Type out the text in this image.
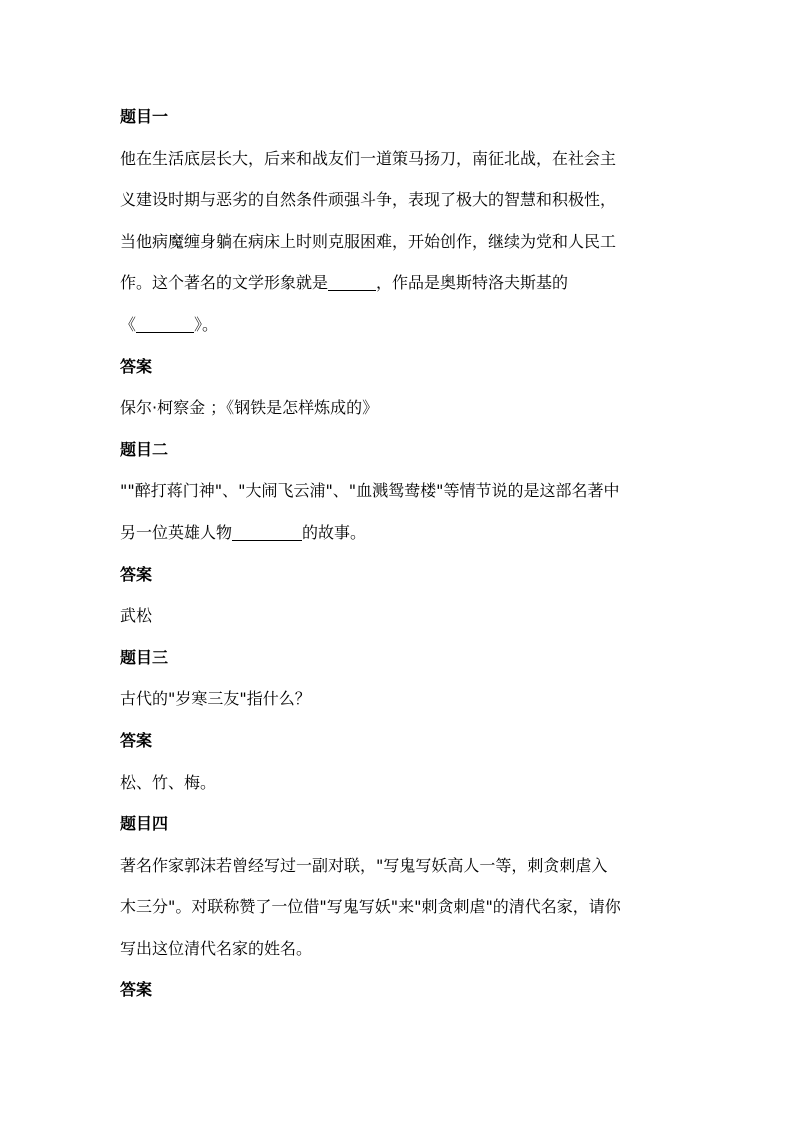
题目一
他在生活底层长大，后来和战友们一道策马扬刀，南征北战，在社会主
义建设时期与恶劣的自然条件顽强斗争，表现了极大的智慧和积极性，
当他病魔缠身躺在病床上时则克服困难，开始创作，继续为党和人民工
作。这个著名的文学形象就是	，作品是奥斯特洛夫斯基的
《	》。
答案
保尔·柯察金 ；《钢铁是怎样炼成的》
题目二
""醉打蒋门神"、"大闹飞云浦"、"血溅鸳鸯楼"等情节说的是这部名著中
另一位英雄人物	的故事。
答案
武松
题目三
古代的"岁寒三友"指什么？
答案
松、竹、梅。
题目四
著名作家郭沫若曾经写过一副对联，"写鬼写妖高人一等，刺贪刺虐入
木三分"。对联称赞了一位借"写鬼写妖"来"刺贪刺虐"的清代名家，请你
写出这位清代名家的姓名。
答案
